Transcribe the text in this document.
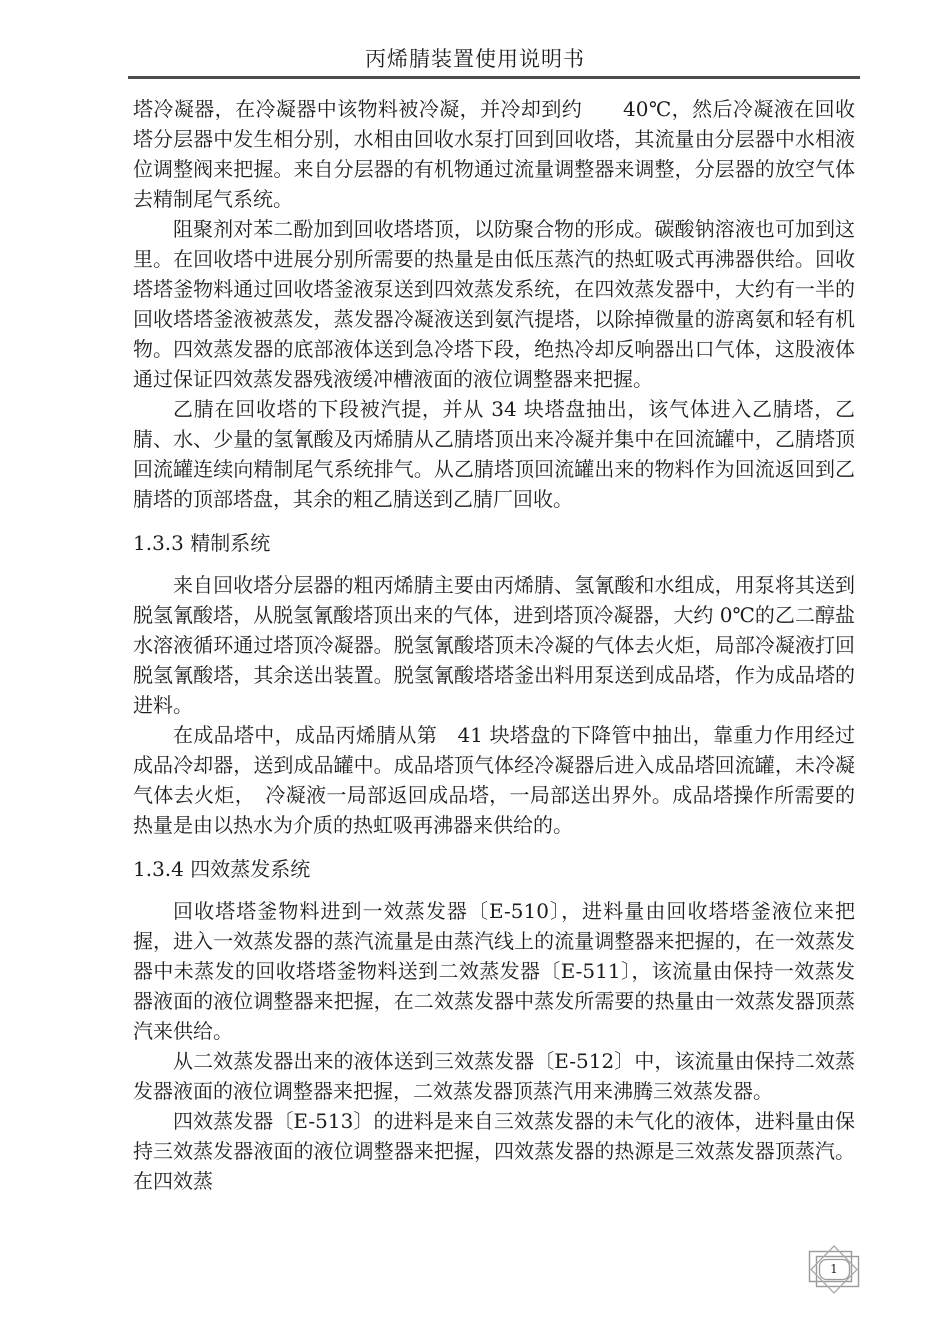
丙烯腈装置使用说明书

塔冷凝器，在冷凝器中该物料被冷凝，并冷却到约　　40℃，然后冷凝液在回收塔分层器中发生相分别，水相由回收水泵打回到回收塔，其流量由分层器中水相液位调整阀来把握。来自分层器的有机物通过流量调整器来调整，分层器的放空气体去精制尾气系统。

阻聚剂对苯二酚加到回收塔塔顶，以防聚合物的形成。碳酸钠溶液也可加到这里。在回收塔中进展分别所需要的热量是由低压蒸汽的热虹吸式再沸器供给。回收塔塔釜物料通过回收塔釜液泵送到四效蒸发系统，在四效蒸发器中，大约有一半的回收塔塔釜液被蒸发，蒸发器冷凝液送到氨汽提塔，以除掉微量的游离氨和轻有机物。四效蒸发器的底部液体送到急冷塔下段，绝热冷却反响器出口气体，这股液体通过保证四效蒸发器残液缓冲槽液面的液位调整器来把握。

乙腈在回收塔的下段被汽提，并从 34 块塔盘抽出，该气体进入乙腈塔，乙腈、水、少量的氢氰酸及丙烯腈从乙腈塔顶出来冷凝并集中在回流罐中，乙腈塔顶回流罐连续向精制尾气系统排气。从乙腈塔顶回流罐出来的物料作为回流返回到乙腈塔的顶部塔盘，其余的粗乙腈送到乙腈厂回收。

1.3.3 精制系统

来自回收塔分层器的粗丙烯腈主要由丙烯腈、氢氰酸和水组成，用泵将其送到脱氢氰酸塔，从脱氢氰酸塔顶出来的气体，进到塔顶冷凝器，大约 0℃的乙二醇盐水溶液循环通过塔顶冷凝器。脱氢氰酸塔顶未冷凝的气体去火炬，局部冷凝液打回脱氢氰酸塔，其余送出装置。脱氢氰酸塔塔釜出料用泵送到成品塔，作为成品塔的进料。

在成品塔中，成品丙烯腈从第　41 块塔盘的下降管中抽出，靠重力作用经过成品冷却器，送到成品罐中。成品塔顶气体经冷凝器后进入成品塔回流罐，未冷凝气体去火炬，　冷凝液一局部返回成品塔，一局部送出界外。成品塔操作所需要的热量是由以热水为介质的热虹吸再沸器来供给的。

1.3.4 四效蒸发系统

回收塔塔釜物料进到一效蒸发器〔E-510〕，进料量由回收塔塔釜液位来把握，进入一效蒸发器的蒸汽流量是由蒸汽线上的流量调整器来把握的，在一效蒸发器中未蒸发的回收塔塔釜物料送到二效蒸发器〔E-511〕，该流量由保持一效蒸发器液面的液位调整器来把握，在二效蒸发器中蒸发所需要的热量由一效蒸发器顶蒸汽来供给。

从二效蒸发器出来的液体送到三效蒸发器〔E-512〕中，该流量由保持二效蒸发器液面的液位调整器来把握，二效蒸发器顶蒸汽用来沸腾三效蒸发器。

四效蒸发器〔E-513〕的进料是来自三效蒸发器的未气化的液体，进料量由保持三效蒸发器液面的液位调整器来把握，四效蒸发器的热源是三效蒸发器顶蒸汽。在四效蒸

1
